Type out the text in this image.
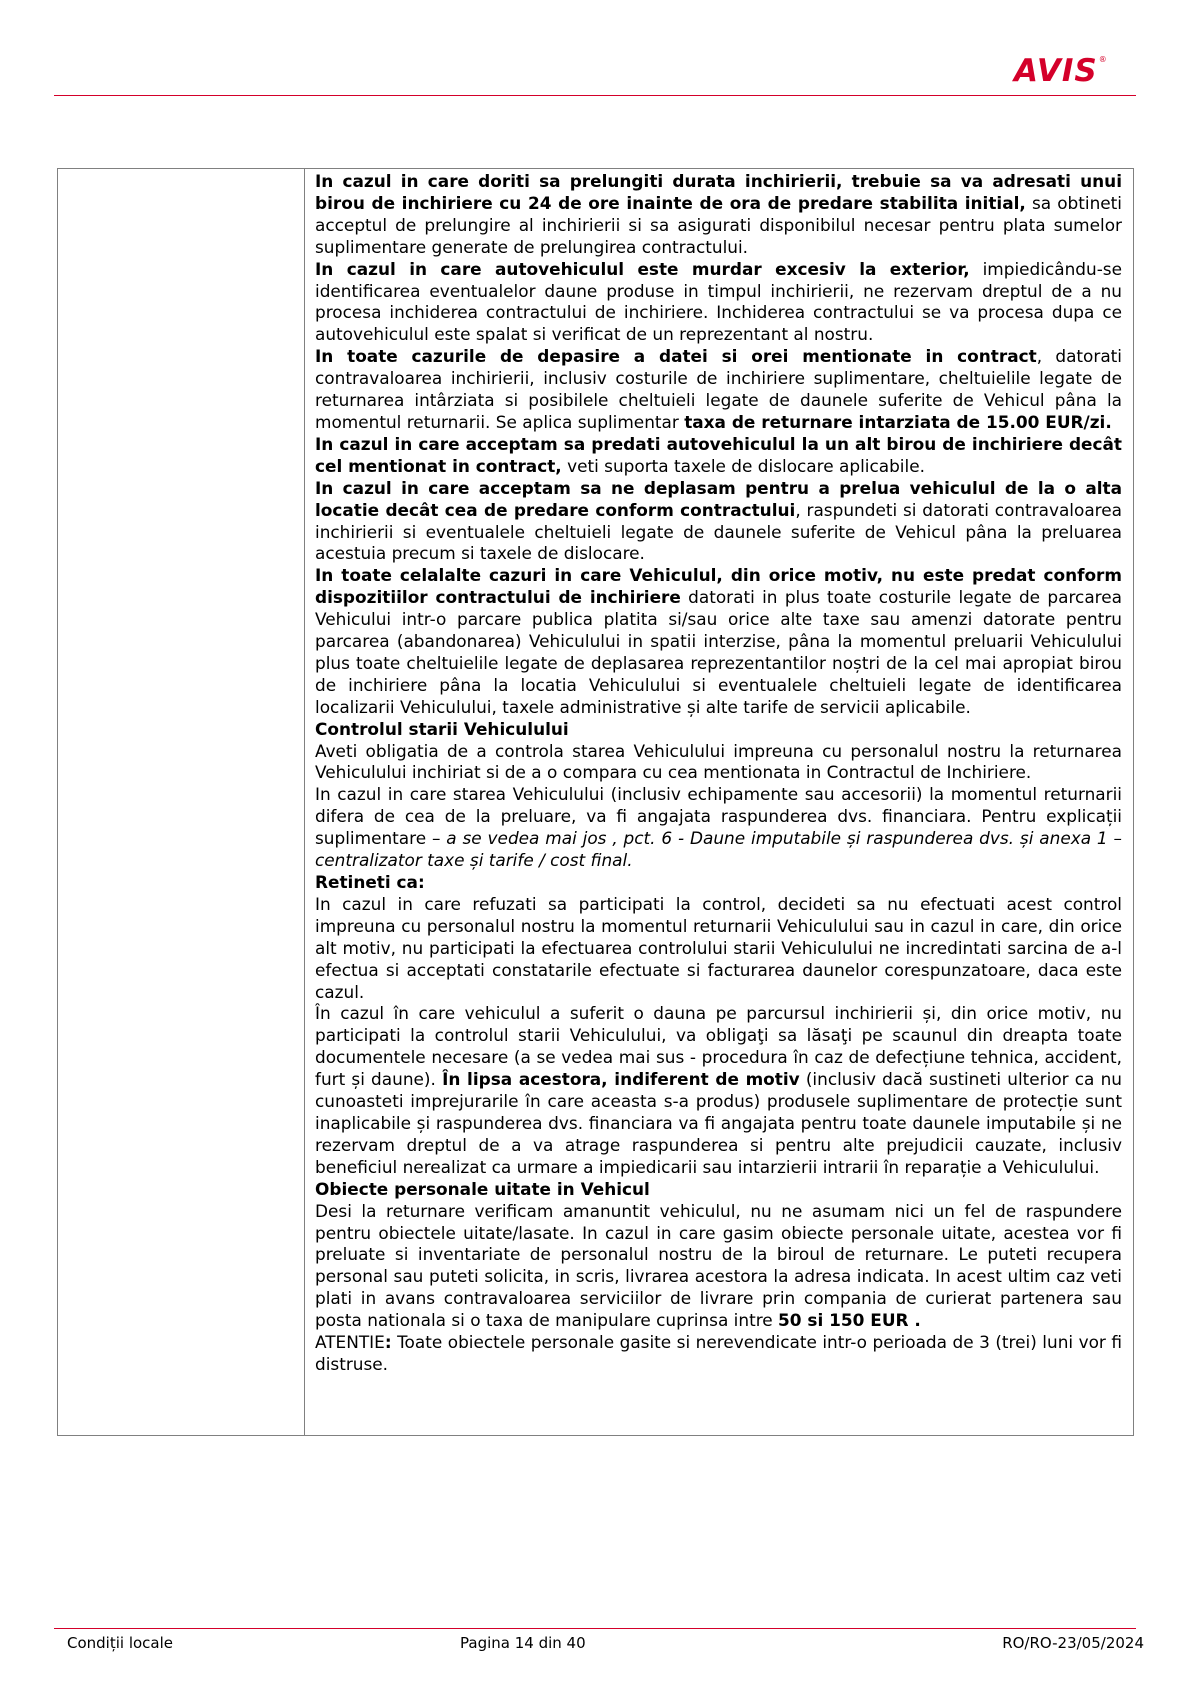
AVIS®

In cazul in care doriti sa prelungiti durata inchirierii, trebuie sa va adresati unui birou de inchiriere cu 24 de ore inainte de ora de predare stabilita initial, sa obtineti acceptul de prelungire al inchirierii si sa asigurati disponibilul necesar pentru plata sumelor suplimentare generate de prelungirea contractului.

In cazul in care autovehiculul este murdar excesiv la exterior, impiedicându-se identificarea eventualelor daune produse in timpul inchirierii, ne rezervam dreptul de a nu procesa inchiderea contractului de inchiriere. Inchiderea contractului se va procesa dupa ce autovehiculul este spalat si verificat de un reprezentant al nostru.

In toate cazurile de depasire a datei si orei mentionate in contract, datorati contravaloarea inchirierii, inclusiv costurile de inchiriere suplimentare, cheltuielile legate de returnarea intârziata si posibilele cheltuieli legate de daunele suferite de Vehicul pâna la momentul returnarii. Se aplica suplimentar taxa de returnare intarziata de 15.00 EUR/zi.

In cazul in care acceptam sa predati autovehiculul la un alt birou de inchiriere decât cel mentionat in contract, veti suporta taxele de dislocare aplicabile.

In cazul in care acceptam sa ne deplasam pentru a prelua vehiculul de la o alta locatie decât cea de predare conform contractului, raspundeti si datorati contravaloarea inchirierii si eventualele cheltuieli legate de daunele suferite de Vehicul pâna la preluarea acestuia precum si taxele de dislocare.

In toate celalalte cazuri in care Vehiculul, din orice motiv, nu este predat conform dispozitiilor contractului de inchiriere datorati in plus toate costurile legate de parcarea Vehicului intr-o parcare publica platita si/sau orice alte taxe sau amenzi datorate pentru parcarea (abandonarea) Vehiculului in spatii interzise, pâna la momentul preluarii Vehiculului plus toate cheltuielile legate de deplasarea reprezentantilor noștri de la cel mai apropiat birou de inchiriere pâna la locatia Vehiculului si eventualele cheltuieli legate de identificarea localizarii Vehiculului, taxele administrative și alte tarife de servicii aplicabile.

Controlul starii Vehiculului

Aveti obligatia de a controla starea Vehiculului impreuna cu personalul nostru la returnarea Vehiculului inchiriat si de a o compara cu cea mentionata in Contractul de Inchiriere.

In cazul in care starea Vehiculului (inclusiv echipamente sau accesorii) la momentul returnarii difera de cea de la preluare, va fi angajata raspunderea dvs. financiara. Pentru explicații suplimentare – a se vedea mai jos , pct. 6 - Daune imputabile și raspunderea dvs. și anexa 1 – centralizator taxe și tarife / cost final.

Retineti ca:

In cazul in care refuzati sa participati la control, decideti sa nu efectuati acest control impreuna cu personalul nostru la momentul returnarii Vehiculului sau in cazul in care, din orice alt motiv, nu participati la efectuarea controlului starii Vehiculului ne incredintati sarcina de a-l efectua si acceptati constatarile efectuate si facturarea daunelor corespunzatoare, daca este cazul.

În cazul în care vehiculul a suferit o dauna pe parcursul inchirierii și, din orice motiv, nu participati la controlul starii Vehiculului, va obligaţi sa lăsaţi pe scaunul din dreapta toate documentele necesare (a se vedea mai sus - procedura în caz de defecțiune tehnica, accident, furt și daune). În lipsa acestora, indiferent de motiv (inclusiv dacă sustineti ulterior ca nu cunoasteti imprejurarile în care aceasta s-a produs) produsele suplimentare de protecție sunt inaplicabile și raspunderea dvs. financiara va fi angajata pentru toate daunele imputabile și ne rezervam dreptul de a va atrage raspunderea si pentru alte prejudicii cauzate, inclusiv beneficiul nerealizat ca urmare a impiedicarii sau intarzierii intrarii în reparație a Vehiculului.

Obiecte personale uitate in Vehicul

Desi la returnare verificam amanuntit vehiculul, nu ne asumam nici un fel de raspundere pentru obiectele uitate/lasate. In cazul in care gasim obiecte personale uitate, acestea vor fi preluate si inventariate de personalul nostru de la biroul de returnare. Le puteti recupera personal sau puteti solicita, in scris, livrarea acestora la adresa indicata. In acest ultim caz veti plati in avans contravaloarea serviciilor de livrare prin compania de curierat partenera sau posta nationala si o taxa de manipulare cuprinsa intre 50 si 150 EUR .

ATENTIE: Toate obiectele personale gasite si nerevendicate intr-o perioada de 3 (trei) luni vor fi distruse.

Condiții locale	Pagina 14 din 40	RO/RO-23/05/2024
